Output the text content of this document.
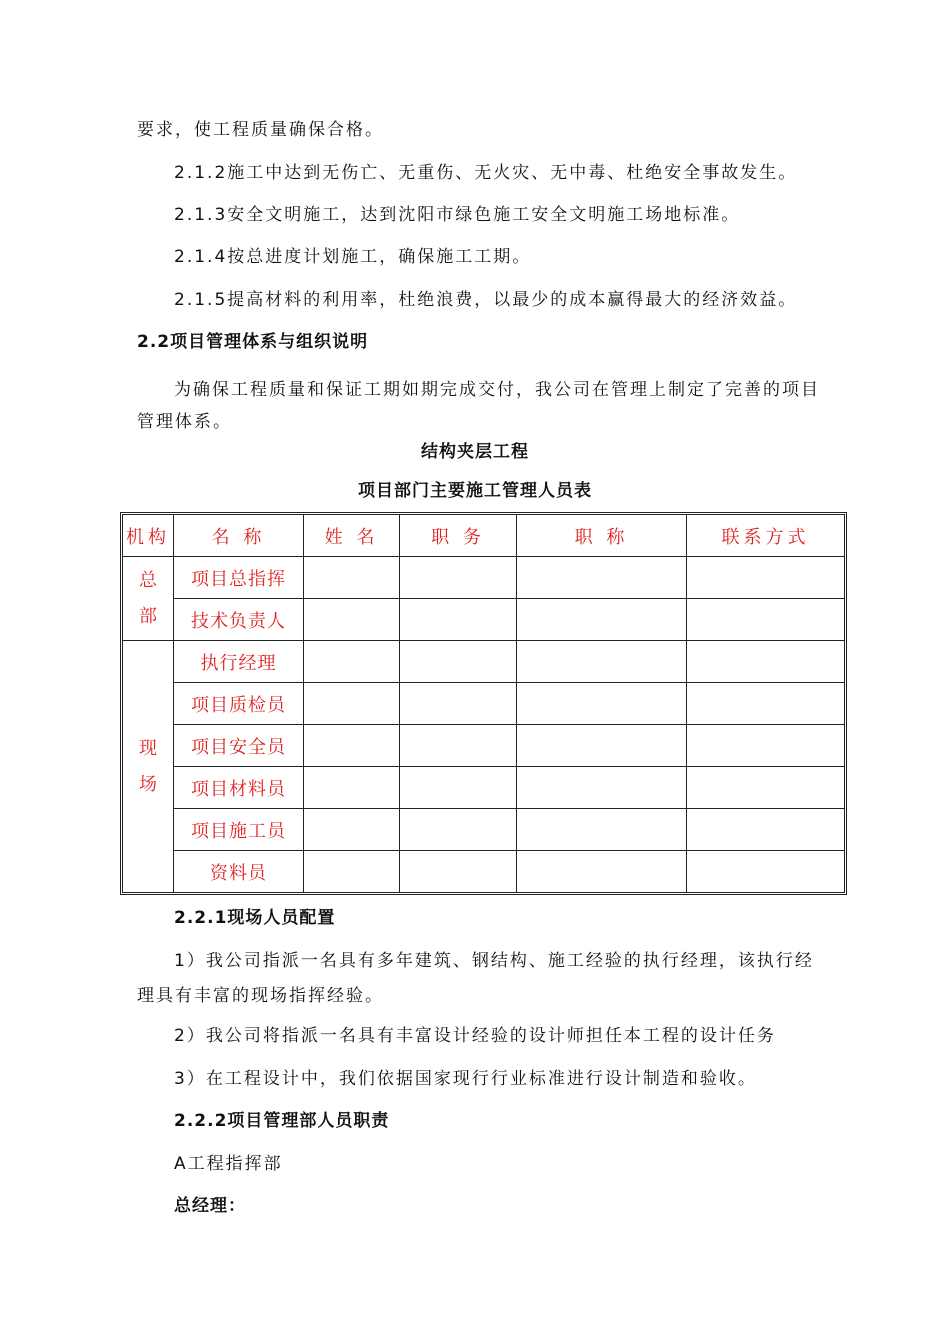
要求，使工程质量确保合格。
2.1.2施工中达到无伤亡、无重伤、无火灾、无中毒、杜绝安全事故发生。
2.1.3安全文明施工，达到沈阳市绿色施工安全文明施工场地标准。
2.1.4按总进度计划施工，确保施工工期。
2.1.5提高材料的利用率，杜绝浪费，以最少的成本赢得最大的经济效益。
2.2项目管理体系与组织说明
为确保工程质量和保证工期如期完成交付，我公司在管理上制定了完善的项目
管理体系。
结构夹层工程
项目部门主要施工管理人员表
机构	名 称	姓 名	职 务	职 称	联系方式

总
部	项目总指挥				
	技术负责人				

现
场	执行经理				
	项目质检员				
	项目安全员				
	项目材料员				
	项目施工员				
	资料员				
2.2.1现场人员配置
1）我公司指派一名具有多年建筑、钢结构、施工经验的执行经理，该执行经
理具有丰富的现场指挥经验。
2）我公司将指派一名具有丰富设计经验的设计师担任本工程的设计任务
3）在工程设计中，我们依据国家现行行业标准进行设计制造和验收。
2.2.2项目管理部人员职责
A工程指挥部
总经理：
